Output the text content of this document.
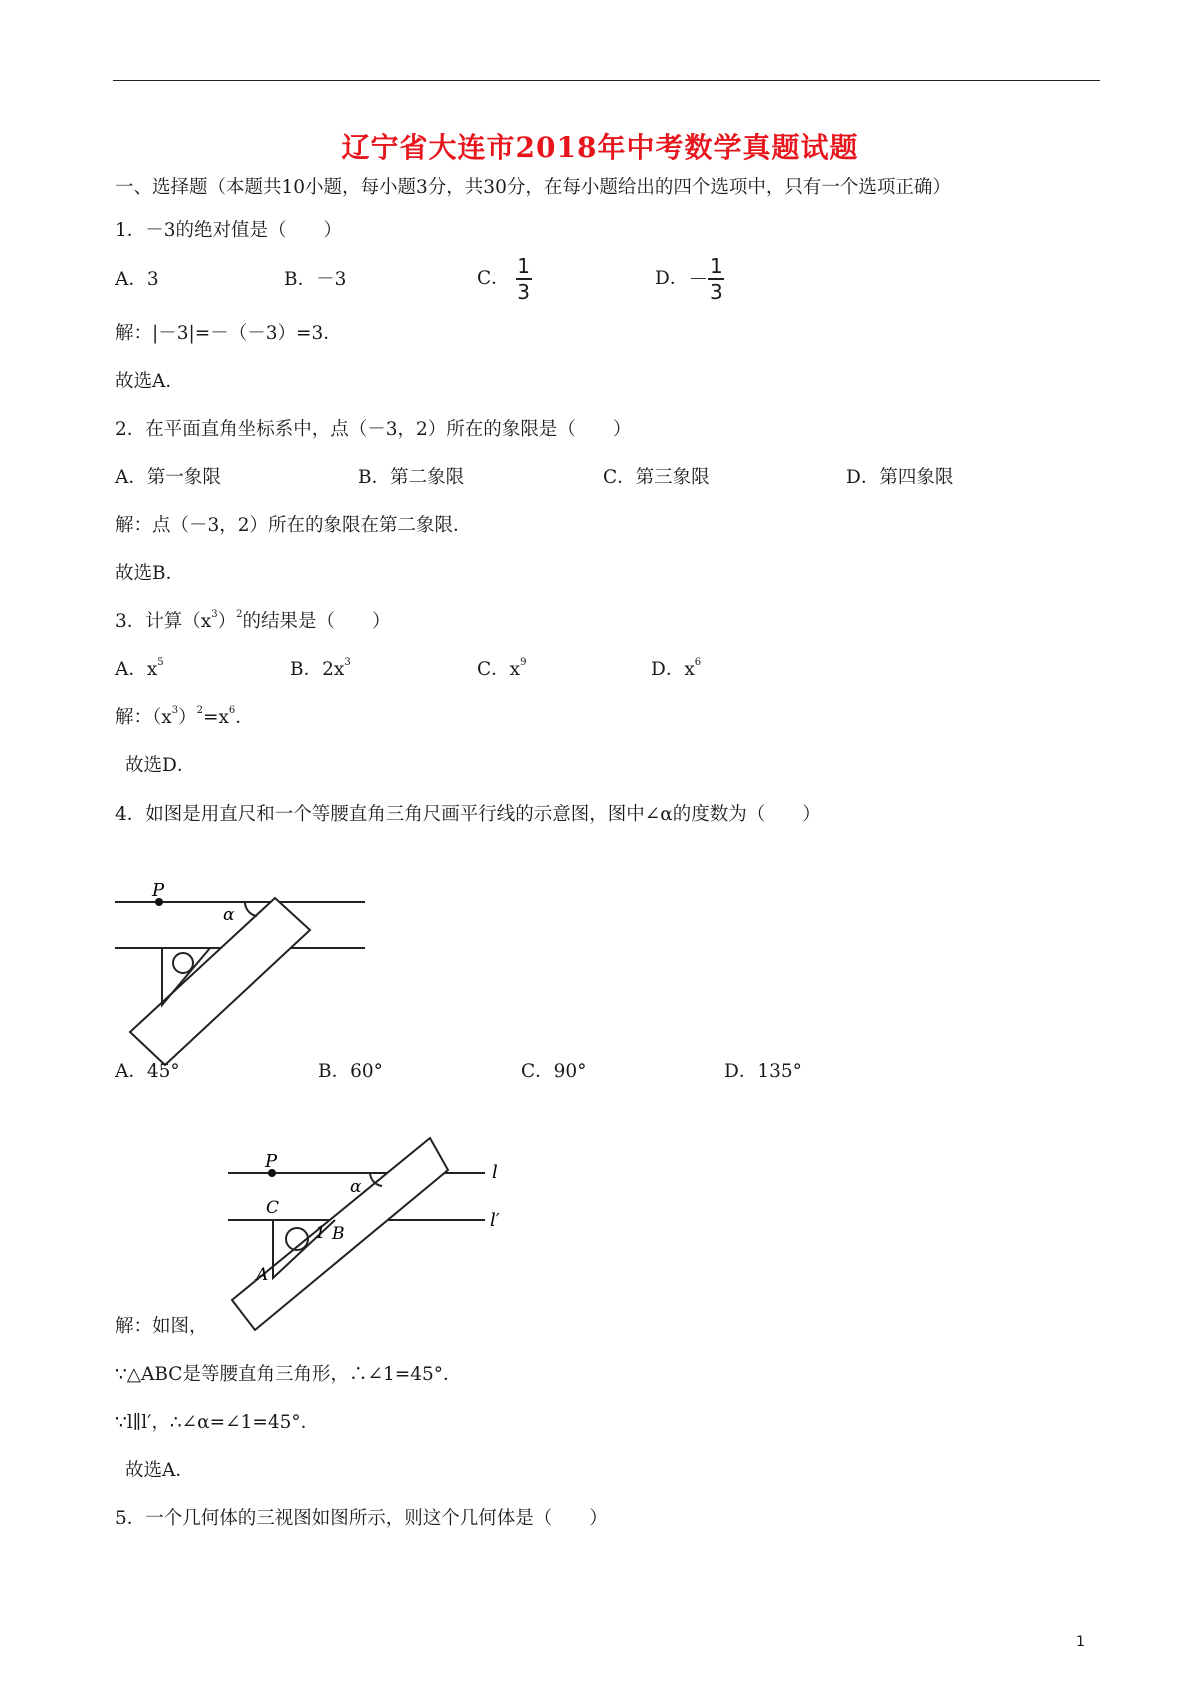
辽宁省大连市2018年中考数学真题试题
一、选择题（本题共10小题，每小题3分，共30分，在每小题给出的四个选项中，只有一个选项正确）
1．－3的绝对值是（　　）
A．3	B．－3	C． $\frac{1}{3}$	D．－ $\frac{1}{3}$
解：|－3|=－（－3）=3．
故选A．
2．在平面直角坐标系中，点（－3，2）所在的象限是（　　）
A．第一象限	B．第二象限	C．第三象限	D．第四象限
解：点（－3，2）所在的象限在第二象限．
故选B．
3．计算$(x^3)^2$的结果是（　　）
A．$x^5$	B．$2x^3$	C．$x^9$	D．$x^6$
解：$(x^3)^2=x^6$．
故选D．
4．如图是用直尺和一个等腰直角三角尺画平行线的示意图，图中∠α的度数为（　　）
P
α
A．45°	B．60°	C．90°	D．135°
P
α
l
l′
C
B
A
1
解：如图，
∵△ABC是等腰直角三角形，∴∠1=45°．
∵l∥l′，∴∠α=∠1=45°．
故选A．
5．一个几何体的三视图如图所示，则这个几何体是（　　）
1
